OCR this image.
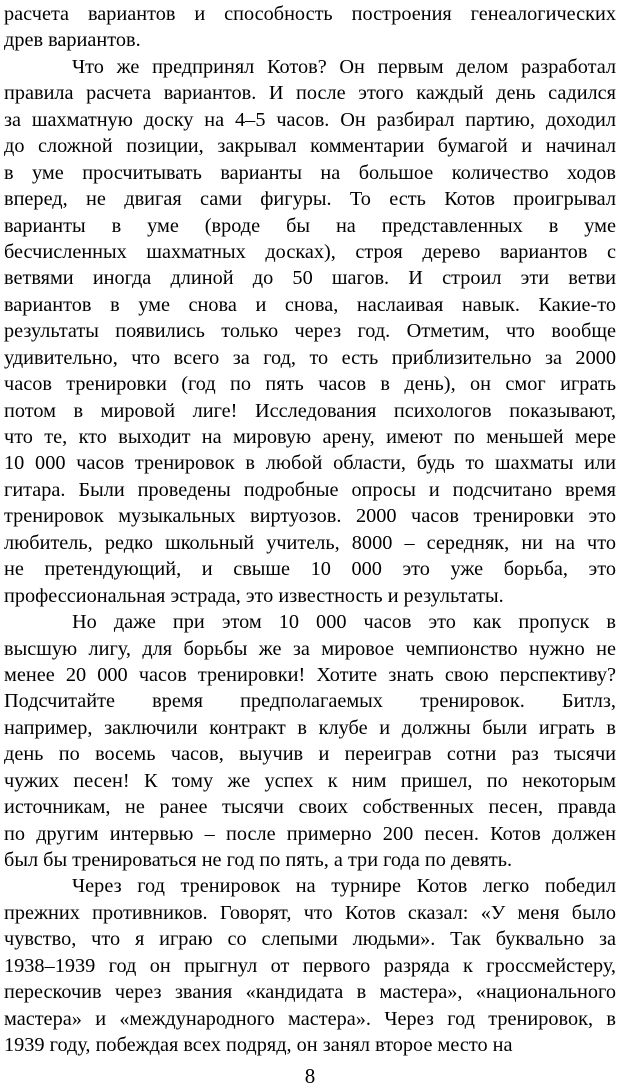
расчета вариантов и способность построения генеалогических
древ вариантов.
Что же предпринял Котов? Он первым делом разработал
правила расчета вариантов. И после этого каждый день садился
за шахматную доску на 4–5 часов. Он разбирал партию, доходил
до сложной позиции, закрывал комментарии бумагой и начинал
в уме просчитывать варианты на большое количество ходов
вперед, не двигая сами фигуры. То есть Котов проигрывал
варианты в уме (вроде бы на представленных в уме
бесчисленных шахматных досках), строя дерево вариантов с
ветвями иногда длиной до 50 шагов. И строил эти ветви
вариантов в уме снова и снова, наслаивая навык. Какие-то
результаты появились только через год. Отметим, что вообще
удивительно, что всего за год, то есть приблизительно за 2000
часов тренировки (год по пять часов в день), он смог играть
потом в мировой лиге! Исследования психологов показывают,
что те, кто выходит на мировую арену, имеют по меньшей мере
10 000 часов тренировок в любой области, будь то шахматы или
гитара. Были проведены подробные опросы и подсчитано время
тренировок музыкальных виртуозов. 2000 часов тренировки это
любитель, редко школьный учитель, 8000 – середняк, ни на что
не претендующий, и свыше 10 000 это уже борьба, это
профессиональная эстрада, это известность и результаты.
Но даже при этом 10 000 часов это как пропуск в
высшую лигу, для борьбы же за мировое чемпионство нужно не
менее 20 000 часов тренировки! Хотите знать свою перспективу?
Подсчитайте время предполагаемых тренировок. Битлз,
например, заключили контракт в клубе и должны были играть в
день по восемь часов, выучив и переиграв сотни раз тысячи
чужих песен! К тому же успех к ним пришел, по некоторым
источникам, не ранее тысячи своих собственных песен, правда
по другим интервью – после примерно 200 песен. Котов должен
был бы тренироваться не год по пять, а три года по девять.
Через год тренировок на турнире Котов легко победил
прежних противников. Говорят, что Котов сказал: «У меня было
чувство, что я играю со слепыми людьми». Так буквально за
1938–1939 год он прыгнул от первого разряда к гроссмейстеру,
перескочив через звания «кандидата в мастера», «национального
мастера» и «международного мастера». Через год тренировок, в
1939 году, побеждая всех подряд, он занял второе место на
8
